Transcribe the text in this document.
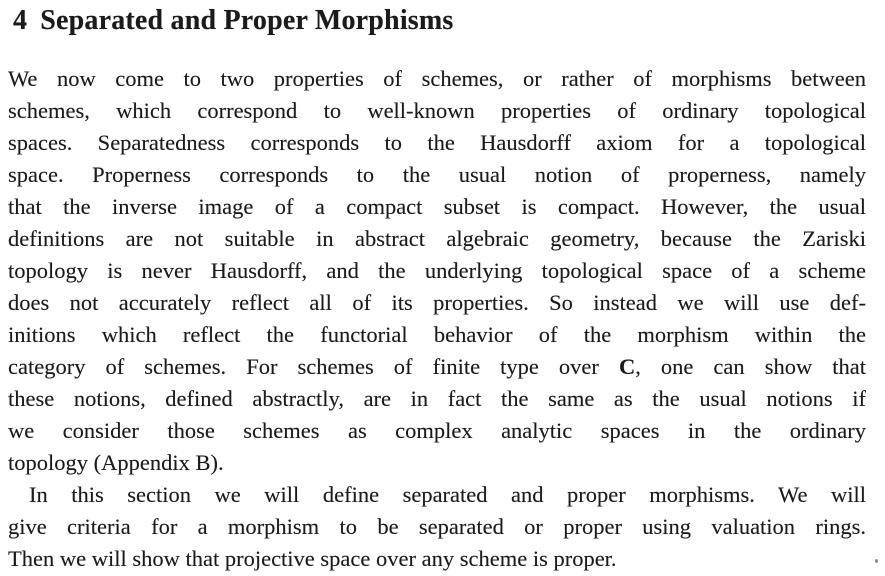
4 Separated and Proper Morphisms
We now come to two properties of schemes, or rather of morphisms between
schemes, which correspond to well-known properties of ordinary topological
spaces. Separatedness corresponds to the Hausdorff axiom for a topological
space. Properness corresponds to the usual notion of properness, namely
that the inverse image of a compact subset is compact. However, the usual
definitions are not suitable in abstract algebraic geometry, because the Zariski
topology is never Hausdorff, and the underlying topological space of a scheme
does not accurately reflect all of its properties. So instead we will use def-
initions which reflect the functorial behavior of the morphism within the
category of schemes. For schemes of finite type over C, one can show that
these notions, defined abstractly, are in fact the same as the usual notions if
we consider those schemes as complex analytic spaces in the ordinary
topology (Appendix B).
In this section we will define separated and proper morphisms. We will
give criteria for a morphism to be separated or proper using valuation rings.
Then we will show that projective space over any scheme is proper.
